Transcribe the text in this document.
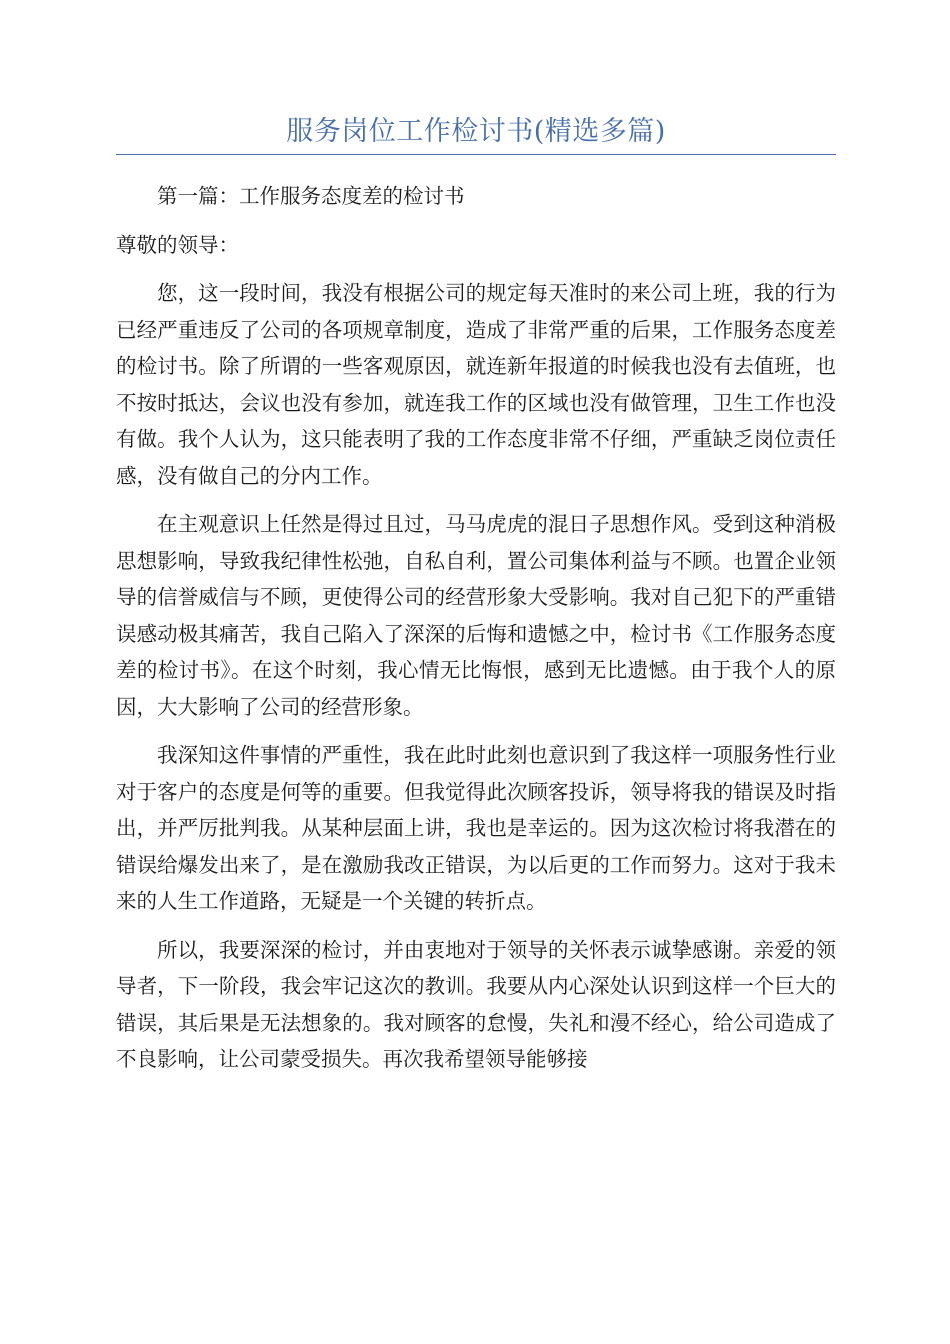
服务岗位工作检讨书(精选多篇)

第一篇：工作服务态度差的检讨书

尊敬的领导：

您，这一段时间，我没有根据公司的规定每天准时的来公司上班，我的行为已经严重违反了公司的各项规章制度，造成了非常严重的后果，工作服务态度差的检讨书。除了所谓的一些客观原因，就连新年报道的时候我也没有去值班，也不按时抵达，会议也没有参加，就连我工作的区域也没有做管理，卫生工作也没有做。我个人认为，这只能表明了我的工作态度非常不仔细，严重缺乏岗位责任感，没有做自己的分内工作。

在主观意识上任然是得过且过，马马虎虎的混日子思想作风。受到这种消极思想影响，导致我纪律性松弛，自私自利，置公司集体利益与不顾。也置企业领导的信誉威信与不顾，更使得公司的经营形象大受影响。我对自己犯下的严重错误感动极其痛苦，我自己陷入了深深的后悔和遗憾之中，检讨书《工作服务态度差的检讨书》。在这个时刻，我心情无比悔恨，感到无比遗憾。由于我个人的原因，大大影响了公司的经营形象。

我深知这件事情的严重性，我在此时此刻也意识到了我这样一项服务性行业对于客户的态度是何等的重要。但我觉得此次顾客投诉，领导将我的错误及时指出，并严厉批判我。从某种层面上讲，我也是幸运的。因为这次检讨将我潜在的错误给爆发出来了，是在激励我改正错误，为以后更的工作而努力。这对于我未来的人生工作道路，无疑是一个关键的转折点。

所以，我要深深的检讨，并由衷地对于领导的关怀表示诚挚感谢。亲爱的领导者，下一阶段，我会牢记这次的教训。我要从内心深处认识到这样一个巨大的错误，其后果是无法想象的。我对顾客的怠慢，失礼和漫不经心，给公司造成了不良影响，让公司蒙受损失。再次我希望领导能够接
